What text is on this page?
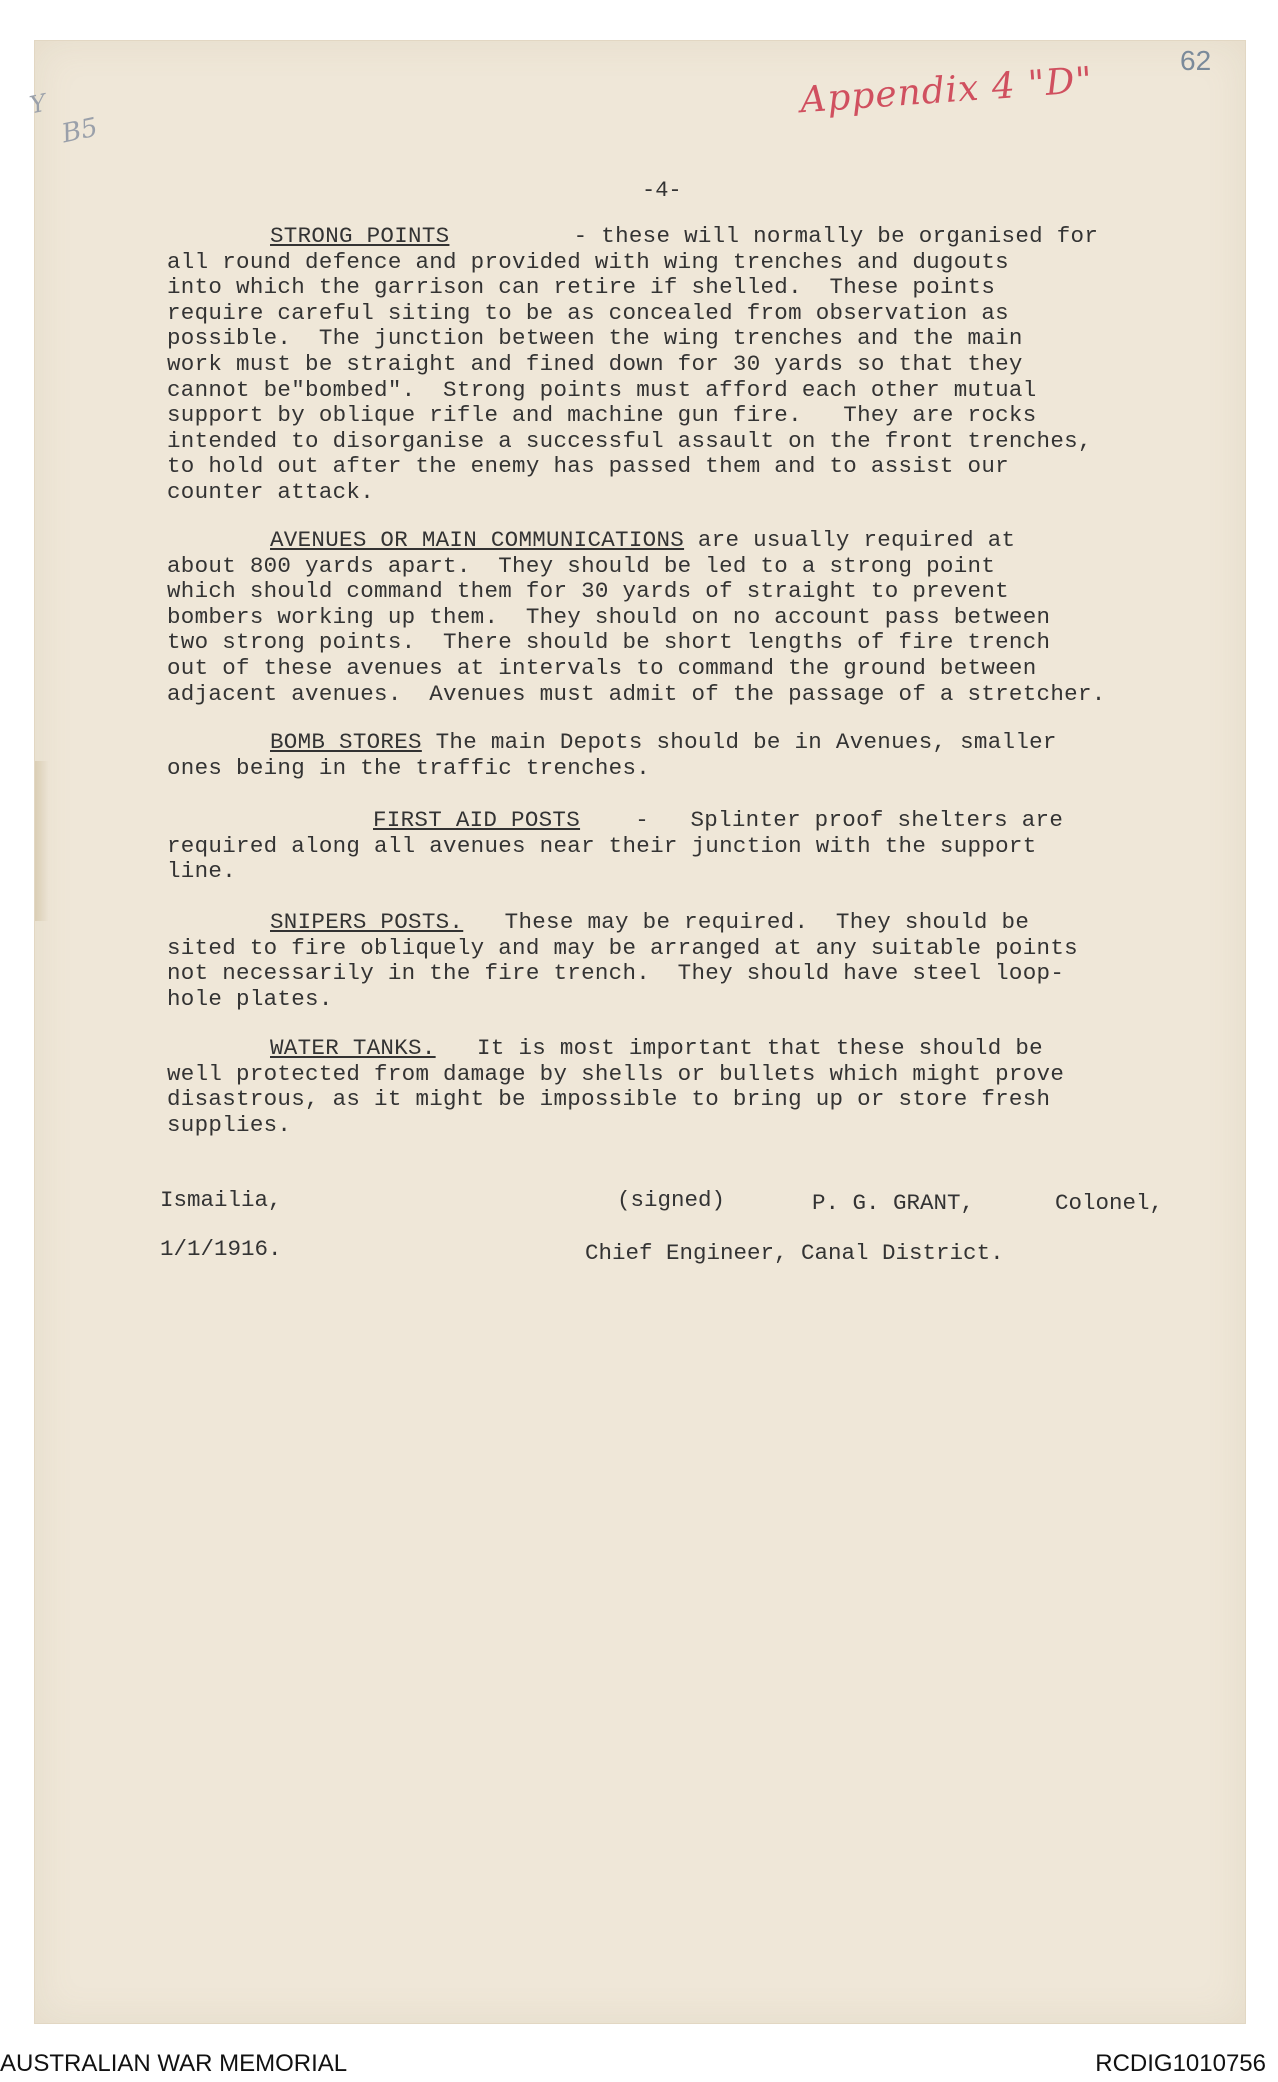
62
Appendix 4 "D"
Y
B5
-4-
STRONG POINTS         - these will normally be organised for
all round defence and provided with wing trenches and dugouts
into which the garrison can retire if shelled.  These points
require careful siting to be as concealed from observation as
possible.  The junction between the wing trenches and the main
work must be straight and fined down for 30 yards so that they
cannot be"bombed".  Strong points must afford each other mutual
support by oblique rifle and machine gun fire.   They are rocks
intended to disorganise a successful assault on the front trenches,
to hold out after the enemy has passed them and to assist our
counter attack.
AVENUES OR MAIN COMMUNICATIONS are usually required at
about 800 yards apart.  They should be led to a strong point
which should command them for 30 yards of straight to prevent
bombers working up them.  They should on no account pass between
two strong points.  There should be short lengths of fire trench
out of these avenues at intervals to command the ground between
adjacent avenues.  Avenues must admit of the passage of a stretcher.
BOMB STORES The main Depots should be in Avenues, smaller
ones being in the traffic trenches.
FIRST AID POSTS    -   Splinter proof shelters are
required along all avenues near their junction with the support
line.
SNIPERS POSTS.   These may be required.  They should be
sited to fire obliquely and may be arranged at any suitable points
not necessarily in the fire trench.  They should have steel loop-
hole plates.
WATER TANKS.   It is most important that these should be
well protected from damage by shells or bullets which might prove
disastrous, as it might be impossible to bring up or store fresh
supplies.
Ismailia,	(signed)	P. G. GRANT,	Colonel,
1/1/1916.	Chief Engineer, Canal District.
AUSTRALIAN WAR MEMORIAL	RCDIG1010756
